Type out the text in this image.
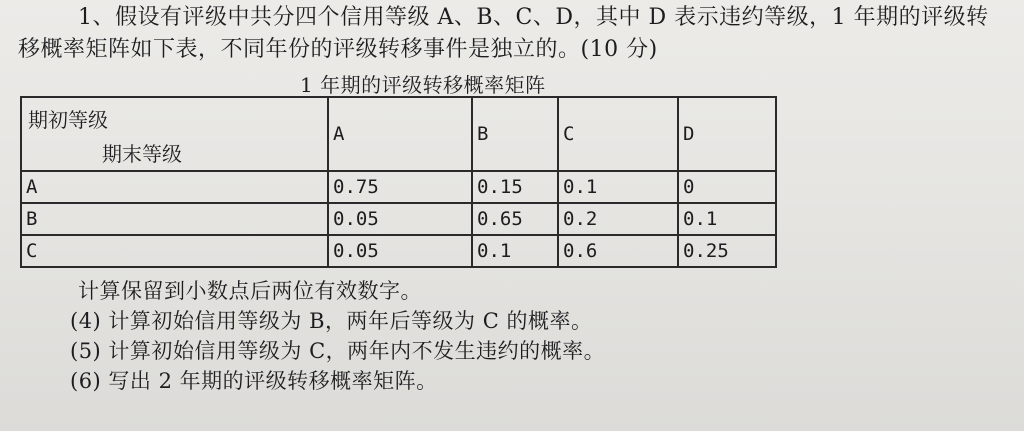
1、假设有评级中共分四个信用等级 A、B、C、D，其中 D 表示违约等级，1 年期的评级转
移概率矩阵如下表，不同年份的评级转移事件是独立的。(10 分)
1 年期的评级转移概率矩阵
期初等级
期末等级	A	B	C	D
A	0.75	0.15	0.1	0
B	0.05	0.65	0.2	0.1
C	0.05	0.1	0.6	0.25
计算保留到小数点后两位有效数字。
(4) 计算初始信用等级为 B，两年后等级为 C 的概率。
(5) 计算初始信用等级为 C，两年内不发生违约的概率。
(6) 写出 2 年期的评级转移概率矩阵。
